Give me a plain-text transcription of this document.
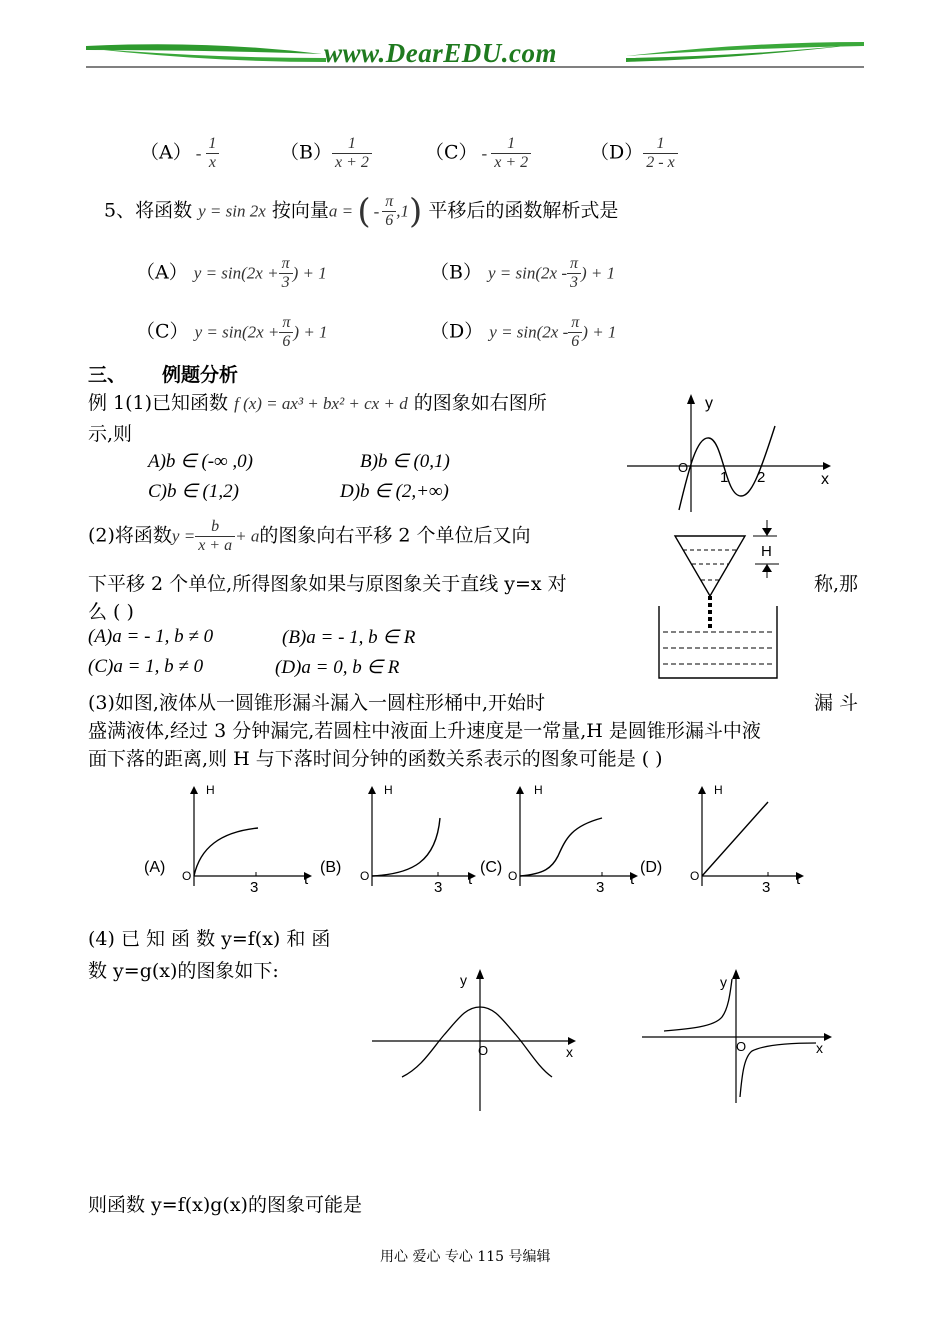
www.DearEDU.com
$(A) - \frac{1}{x}$	$(B) \frac{1}{x + 2}$	$(C) - \frac{1}{x + 2}$	$(D) \frac{1}{2 - x}$
5、将函数 y = sin 2x 按向量a = ( - $\frac{\pi}{6} ,1$) 平移后的函数解析式是
（A） $y = \sin(2x + \frac{\pi}{3}$ ) + 1	（B） $y = \sin(2x - \frac{\pi}{3}$ ) + 1
（C） $y = \sin(2x + \frac{\pi}{6}$ ) + 1	（D） $y = \sin(2x - \frac{\pi}{6}$ ) + 1
三、 例题分析
例 1(1)已知函数 f (x) = ax³ + bx² + cx + d 的图象如右图所
示,则
A)b ∈ (-∞ ,0)	B)b ∈ (0,1)
C)b ∈ (1,2)	D)b ∈ (2,+∞)
y
x
O
1 2
(2)将函数$y = \frac{b}{x + a} + a$的图象向右平移 2 个单位后又向
下平移 2 个单位,所得图象如果与原图象关于直线 y=x 对	称,那
么 ( )
(A)a = - 1, b ≠ 0	(B)a = - 1, b ∈ R
(C)a = 1, b ≠ 0	(D)a = 0, b ∈ R
H
(3)如图,液体从一圆锥形漏斗漏入一圆柱形桶中,开始时	漏 斗
盛满液体,经过 3 分钟漏完,若圆柱中液面上升速度是一常量,H 是圆锥形漏斗中液
面下落的距离,则 H 与下落时间分钟的函数关系表示的图象可能是 ( )
H
(A) O	t
3
H
(B) O	t
3
H
(C) O	t
3
H
(D) O	t
3
(4) 已 知 函 数 y=f(x) 和 函
数 y=g(x)的图象如下:	y
x
O
y
x
O
则函数 y=f(x)g(x)的图象可能是
用心 爱心 专心 115 号编辑
